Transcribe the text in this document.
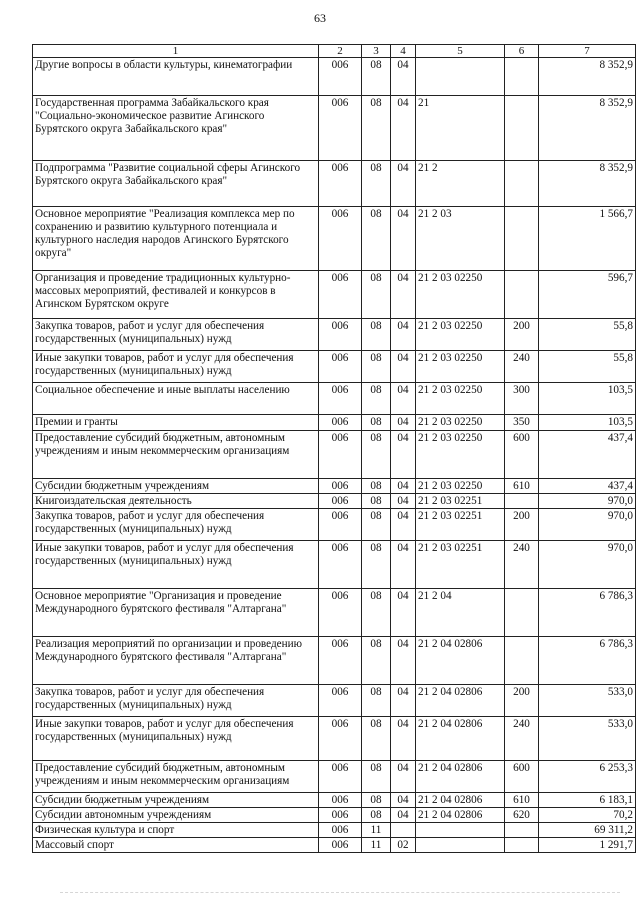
63
1	2	3	4	5	6	7
Другие вопросы в области культуры, кинематографии	006	08	04			8 352,9
Государственная программа Забайкальского края "Социально-экономическое развитие Агинского Бурятского округа Забайкальского края"	006	08	04	21		8 352,9
Подпрограмма "Развитие социальной сферы Агинского Бурятского округа Забайкальского края"	006	08	04	21 2		8 352,9
Основное мероприятие "Реализация комплекса мер по сохранению и развитию культурного потенциала и культурного наследия народов Агинского Бурятского округа"	006	08	04	21 2 03		1 566,7
Организация и проведение традиционных культурно-массовых мероприятий, фестивалей и конкурсов в Агинском Бурятском округе	006	08	04	21 2 03 02250		596,7
Закупка товаров, работ и услуг для обеспечения государственных (муниципальных) нужд	006	08	04	21 2 03 02250	200	55,8
Иные закупки товаров, работ и услуг для обеспечения государственных (муниципальных) нужд	006	08	04	21 2 03 02250	240	55,8
Социальное обеспечение и иные выплаты населению	006	08	04	21 2 03 02250	300	103,5
Премии и гранты	006	08	04	21 2 03 02250	350	103,5
Предоставление субсидий бюджетным, автономным учреждениям и иным некоммерческим организациям	006	08	04	21 2 03 02250	600	437,4
Субсидии бюджетным учреждениям	006	08	04	21 2 03 02250	610	437,4
Книгоиздательская деятельность	006	08	04	21 2 03 02251		970,0
Закупка товаров, работ и услуг для обеспечения государственных (муниципальных) нужд	006	08	04	21 2 03 02251	200	970,0
Иные закупки товаров, работ и услуг для обеспечения государственных (муниципальных) нужд	006	08	04	21 2 03 02251	240	970,0
Основное мероприятие "Организация и проведение Международного бурятского фестиваля "Алтаргана"	006	08	04	21 2 04		6 786,3
Реализация мероприятий по организации и проведению Международного бурятского фестиваля "Алтаргана"	006	08	04	21 2 04 02806		6 786,3
Закупка товаров, работ и услуг для обеспечения государственных (муниципальных) нужд	006	08	04	21 2 04 02806	200	533,0
Иные закупки товаров, работ и услуг для обеспечения государственных (муниципальных) нужд	006	08	04	21 2 04 02806	240	533,0
Предоставление субсидий бюджетным, автономным учреждениям и иным некоммерческим организациям	006	08	04	21 2 04 02806	600	6 253,3
Субсидии бюджетным учреждениям	006	08	04	21 2 04 02806	610	6 183,1
Субсидии автономным учреждениям	006	08	04	21 2 04 02806	620	70,2
Физическая культура и спорт	006	11				69 311,2
Массовый спорт	006	11	02			1 291,7
